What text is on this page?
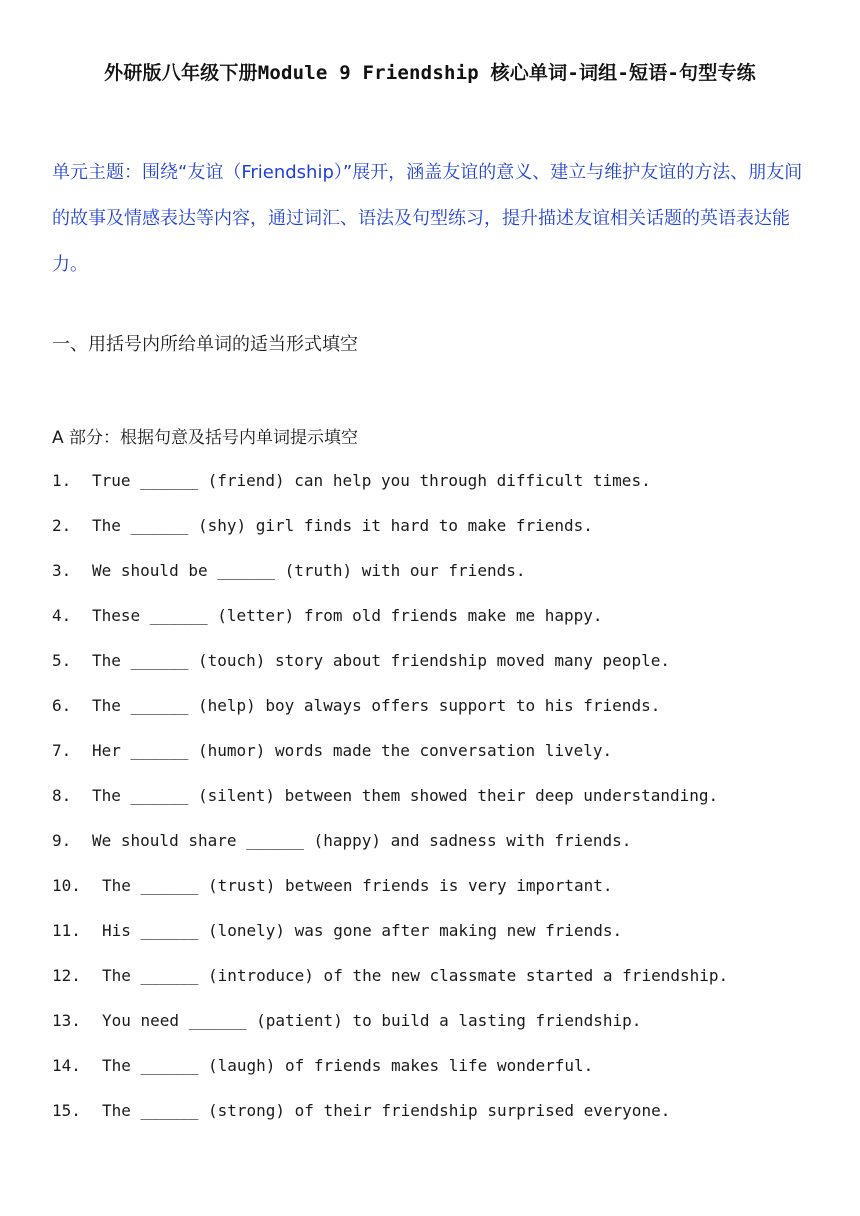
外研版八年级下册Module 9 Friendship 核心单词-词组-短语-句型专练
单元主题：围绕“友谊（Friendship）”展开，涵盖友谊的意义、建立与维护友谊的方法、朋友间的故事及情感表达等内容，通过词汇、语法及句型练习，提升描述友谊相关话题的英语表达能力。
一、用括号内所给单词的适当形式填空
A 部分：根据句意及括号内单词提示填空
1. True ______ (friend) can help you through difficult times.
2. The ______ (shy) girl finds it hard to make friends.
3. We should be ______ (truth) with our friends.
4. These ______ (letter) from old friends make me happy.
5. The ______ (touch) story about friendship moved many people.
6. The ______ (help) boy always offers support to his friends.
7. Her ______ (humor) words made the conversation lively.
8. The ______ (silent) between them showed their deep understanding.
9. We should share ______ (happy) and sadness with friends.
10. The ______ (trust) between friends is very important.
11. His ______ (lonely) was gone after making new friends.
12. The ______ (introduce) of the new classmate started a friendship.
13. You need ______ (patient) to build a lasting friendship.
14. The ______ (laugh) of friends makes life wonderful.
15. The ______ (strong) of their friendship surprised everyone.
